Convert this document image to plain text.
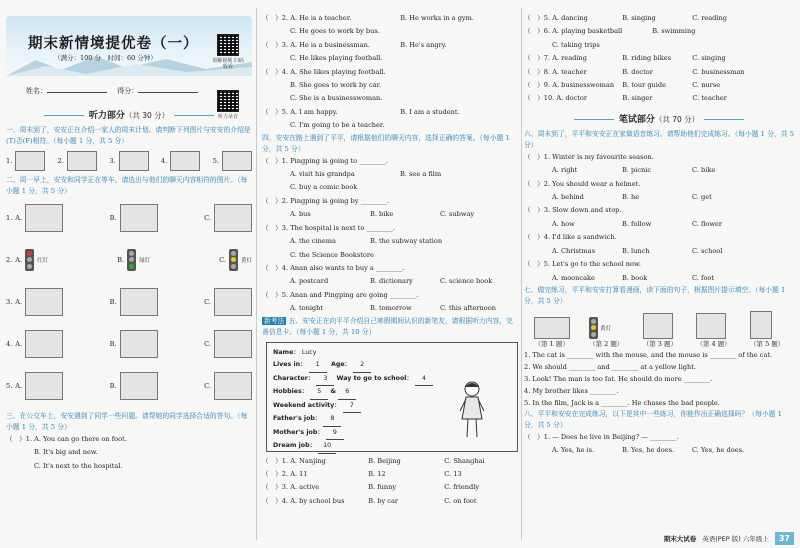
期末新情境提优卷（一）
（满分：100 分　时间：60 分钟）	讲解视频 扫码收看
姓名：	得分：
听力录音
听力部分（共 30 分）
一、周末到了，安安正在介绍一家人的周末计划。请判断下列图片与安安的介绍是(T)否(F)相符。（每小题 1 分，共 5 分）
1.	2.	3.	4.	5.
二、周一早上，安安和同学正在等车。请选出与他们的聊天内容相符的图片。（每小题 1 分，共 5 分）
1. A.	B.	C.
2. A.	红灯	B.	绿灯	C.	黄灯
3. A.	B.	C.
4. A.	B.	C.
5. A.	B.	C.
三、在公交车上，安安遇到了同学一些问题。请帮她的同学选择合适的答句。（每小题 1 分，共 5 分）
（　）1. A. You can go there on foot.
B. It's big and new.
C. It's next to the hospital.
（　）2. A. He is a teacher.	B. He works in a gym.
C. He goes to work by bus.
（　）3. A. He is a businessman.	B. He's angry.
C. He likes playing football.
（　）4. A. She likes playing football.
B. She goes to work by car.
C. She is a businesswoman.
（　）5. A. I am happy.	B. I am a student.
C. I'm going to be a teacher.
四、安安在路上遇到了平平，请根据他们的聊天内容，选择正确的答案。（每小题 1 分，共 5 分）
（　）1. Pingping is going to ________.
A. visit his grandpa	B. see a film
C. buy a comic book
（　）2. Pingping is going by ________.
A. bus	B. bike	C. subway
（　）3. The hospital is next to ________.
A. the cinema	B. the subway station
C. the Science Bookstore
（　）4. Anan also wants to buy a ________.
A. postcard	B. dictionary	C. science book
（　）5. Anan and Pingping are going ________.
A. tonight	B. tomorrow	C. this afternoon
新考法 五、安安正在向平平介绍自己寒假期间认识的新笔友，请根据听力内容，完善信息卡。（每小题 1 分，共 10 分）
Name： Lucy
Lives in： 1 Age： 2
Character： 3 Way to go to school： 4
Hobbies： 5 & 6
Weekend activity： 7
Father's job： 8
Mother's job： 9
Dream job： 10
（　）1. A. Nanjing	B. Beijing	C. Shanghai
（　）2. A. 11	B. 12	C. 13
（　）3. A. active	B. funny	C. friendly
（　）4. A. by school bus	B. by car	C. on foot
（　）5. A. dancing	B. singing	C. reading
（　）6. A. playing basketball	B. swimming
C. taking trips
（　）7. A. reading	B. riding bikes	C. singing
（　）8. A. teacher	B. doctor	C. businessman
（　）9. A. businesswoman B. tour guide	C. nurse
（　）10. A. doctor	B. singer	C. teacher
笔试部分（共 70 分）
六、周末到了，平平和安安正在家做语音练习。请帮助他们完成练习。（每小题 1 分，共 5 分）
（　）1. Winter is my favourite season.
A. right	B. picnic	C. bike
（　）2. You should wear a helmet.
A. behind	B. he	C. get
（　）3. Slow down and stop.
A. how	B. follow	C. flower
（　）4. I'd like a sandwich.
A. Christmas	B. lunch	C. school
（　）5. Let's go to the school now.
A. mooncake	B. book	C. foot
七、做完练习，平平和安安打算看漫画，读下面的句子，根据图片提示填空。（每小题 1 分，共 5 分）
（第 1 题）
黄灯
（第 2 题）	（第 3 题）	（第 4 题）	（第 5 题）
1. The cat is ________ with the mouse, and the mouse is ________ of the cat.
2. We should ________ and ________ at a yellow light.
3. Look! The man is too fat. He should do more ________.
4. My brother likes ________.
5. In the film, Jack is a ________. He chases the bad people.
八、平平和安安在完成练习，以下是其中一些练习，你能作出正确选择吗？（每小题 1 分，共 5 分）
（　）1. — Does he live in Beijing? — ________.
A. Yes, he is.	B. Yes, he does.	C. Yes, he does.
期末大试卷 英语(PEP 版) 六年级上	37
